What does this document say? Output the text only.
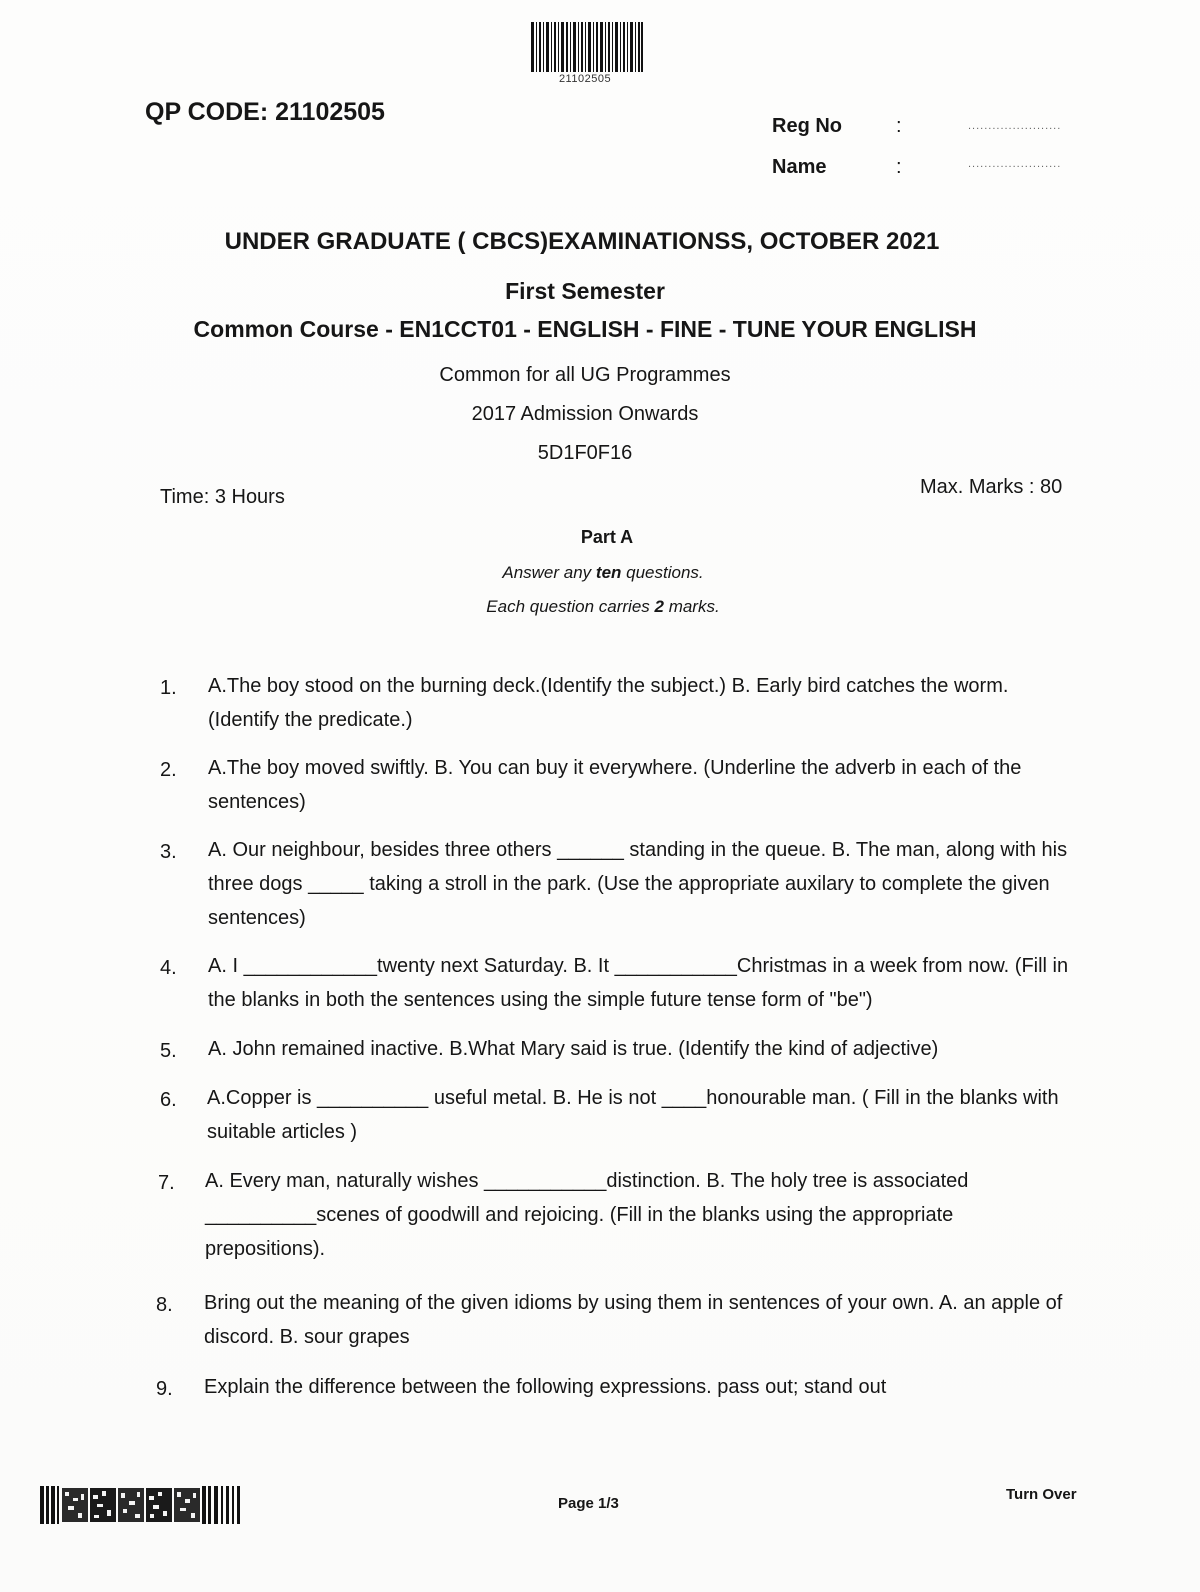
21102505
QP CODE: 21102505	Reg No	:	.......................
Name	:	.......................
UNDER GRADUATE ( CBCS)EXAMINATIONSS, OCTOBER 2021
First Semester
Common Course - EN1CCT01 - ENGLISH - FINE - TUNE YOUR ENGLISH
Common for all UG Programmes
2017 Admission Onwards
5D1F0F16
Time: 3 Hours	Max. Marks : 80
Part A
Answer any ten questions.
Each question carries 2 marks.
1.	A.The boy stood on the burning deck.(Identify the subject.) B. Early bird catches the worm.(Identify the predicate.)
2.	A.The boy moved swiftly. B. You can buy it everywhere. (Underline the adverb in each of the sentences)
3.	A. Our neighbour, besides three others ______ standing in the queue. B. The man, along with his three dogs _____ taking a stroll in the park. (Use the appropriate auxilary to complete the given sentences)
4.	A. I ____________twenty next Saturday. B. It ___________Christmas in a week from now. (Fill in the blanks in both the sentences using the simple future tense form of "be")
5.	A. John remained inactive. B.What Mary said is true. (Identify the kind of adjective)
6.	A.Copper is __________ useful metal. B. He is not ____honourable man. ( Fill in the blanks with suitable articles )
7.	A. Every man, naturally wishes ___________distinction. B. The holy tree is associated __________scenes of goodwill and rejoicing. (Fill in the blanks using the appropriate prepositions).
8.	Bring out the meaning of the given idioms by using them in sentences of your own. A. an apple of discord. B. sour grapes
9.	Explain the difference between the following expressions. pass out; stand out
Page 1/3
Turn Over
